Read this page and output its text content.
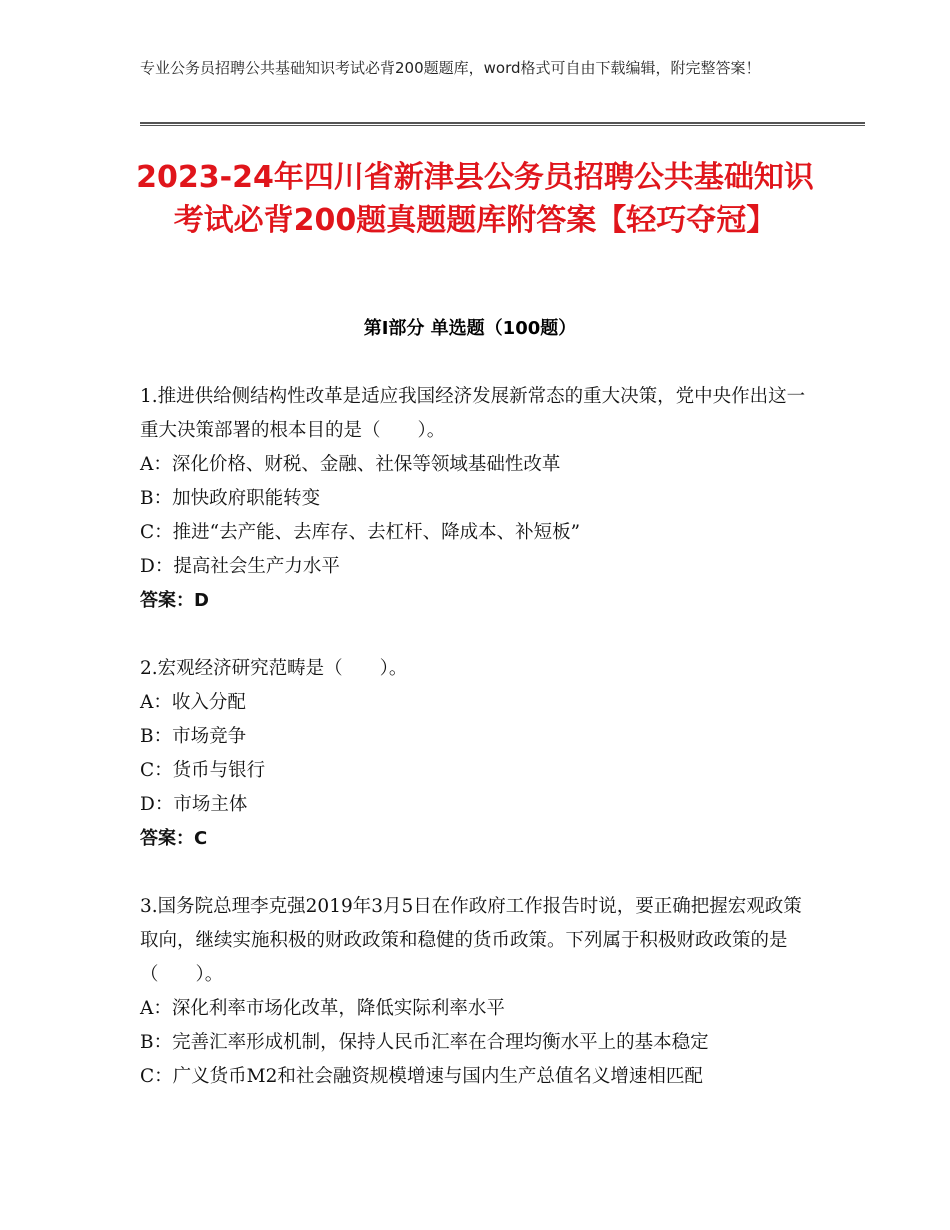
专业公务员招聘公共基础知识考试必背200题题库，word格式可自由下载编辑，附完整答案！
2023-24年四川省新津县公务员招聘公共基础知识考试必背200题真题题库附答案【轻巧夺冠】
第Ⅰ部分 单选题（100题）

1.推进供给侧结构性改革是适应我国经济发展新常态的重大决策，党中央作出这一重大决策部署的根本目的是（　　）。

A：深化价格、财税、金融、社保等领域基础性改革

B：加快政府职能转变

C：推进“去产能、去库存、去杠杆、降成本、补短板”

D：提高社会生产力水平

答案：D

2.宏观经济研究范畴是（　　）。

A：收入分配

B：市场竞争

C：货币与银行

D：市场主体

答案：C

3.国务院总理李克强2019年3月5日在作政府工作报告时说，要正确把握宏观政策取向，继续实施积极的财政政策和稳健的货币政策。下列属于积极财政政策的是（　　）。

A：深化利率市场化改革，降低实际利率水平

B：完善汇率形成机制，保持人民币汇率在合理均衡水平上的基本稳定

C：广义货币M2和社会融资规模增速与国内生产总值名义增速相匹配
